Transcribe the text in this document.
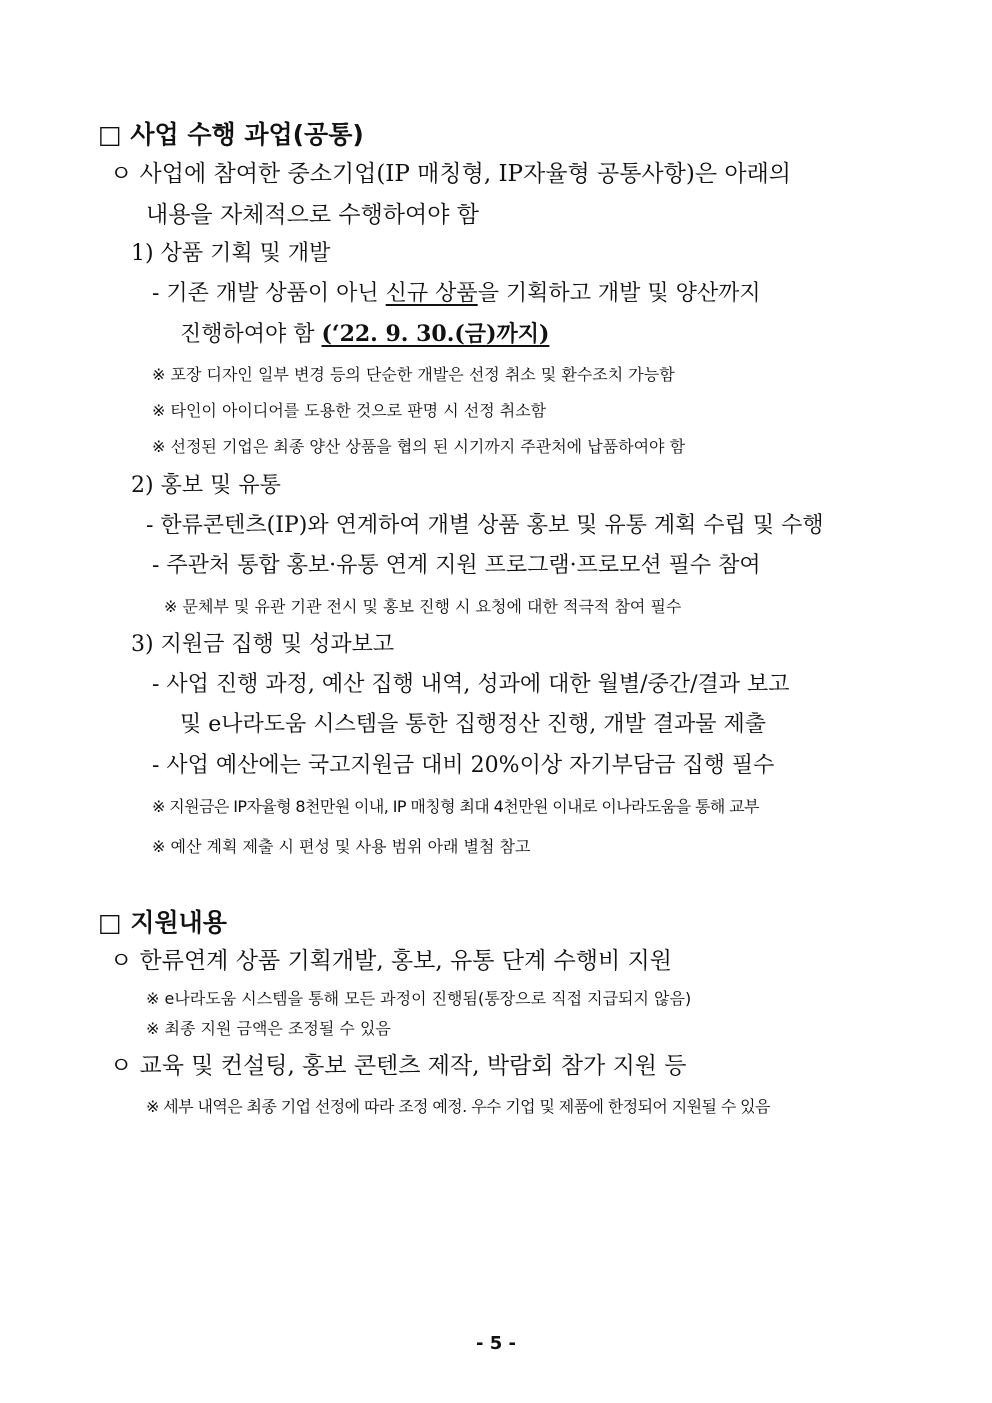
□ 사업 수행 과업(공통)
ㅇ 사업에 참여한 중소기업(IP 매칭형, IP자율형 공통사항)은 아래의
내용을 자체적으로 수행하여야 함
1) 상품 기획 및 개발
- 기존 개발 상품이 아닌 신규 상품을 기획하고 개발 및 양산까지
진행하여야 함 (‘22. 9. 30.(금)까지)
※ 포장 디자인 일부 변경 등의 단순한 개발은 선정 취소 및 환수조치 가능함
※ 타인이 아이디어를 도용한 것으로 판명 시 선정 취소함
※ 선정된 기업은 최종 양산 상품을 협의 된 시기까지 주관처에 납품하여야 함
2) 홍보 및 유통
- 한류콘텐츠(IP)와 연계하여 개별 상품 홍보 및 유통 계획 수립 및 수행
- 주관처 통합 홍보·유통 연계 지원 프로그램·프로모션 필수 참여
※ 문체부 및 유관 기관 전시 및 홍보 진행 시 요청에 대한 적극적 참여 필수
3) 지원금 집행 및 성과보고
- 사업 진행 과정, 예산 집행 내역, 성과에 대한 월별/중간/결과 보고
및 e나라도움 시스템을 통한 집행정산 진행, 개발 결과물 제출
- 사업 예산에는 국고지원금 대비 20%이상 자기부담금 집행 필수
※ 지원금은 IP자율형 8천만원 이내, IP 매칭형 최대 4천만원 이내로 이나라도움을 통해 교부
※ 예산 계획 제출 시 편성 및 사용 범위 아래 별첨 참고
□ 지원내용
ㅇ 한류연계 상품 기획개발, 홍보, 유통 단계 수행비 지원
※ e나라도움 시스템을 통해 모든 과정이 진행됨(통장으로 직접 지급되지 않음)
※ 최종 지원 금액은 조정될 수 있음
ㅇ 교육 및 컨설팅, 홍보 콘텐츠 제작, 박람회 참가 지원 등
※ 세부 내역은 최종 기업 선정에 따라 조정 예정. 우수 기업 및 제품에 한정되어 지원될 수 있음
- 5 -
